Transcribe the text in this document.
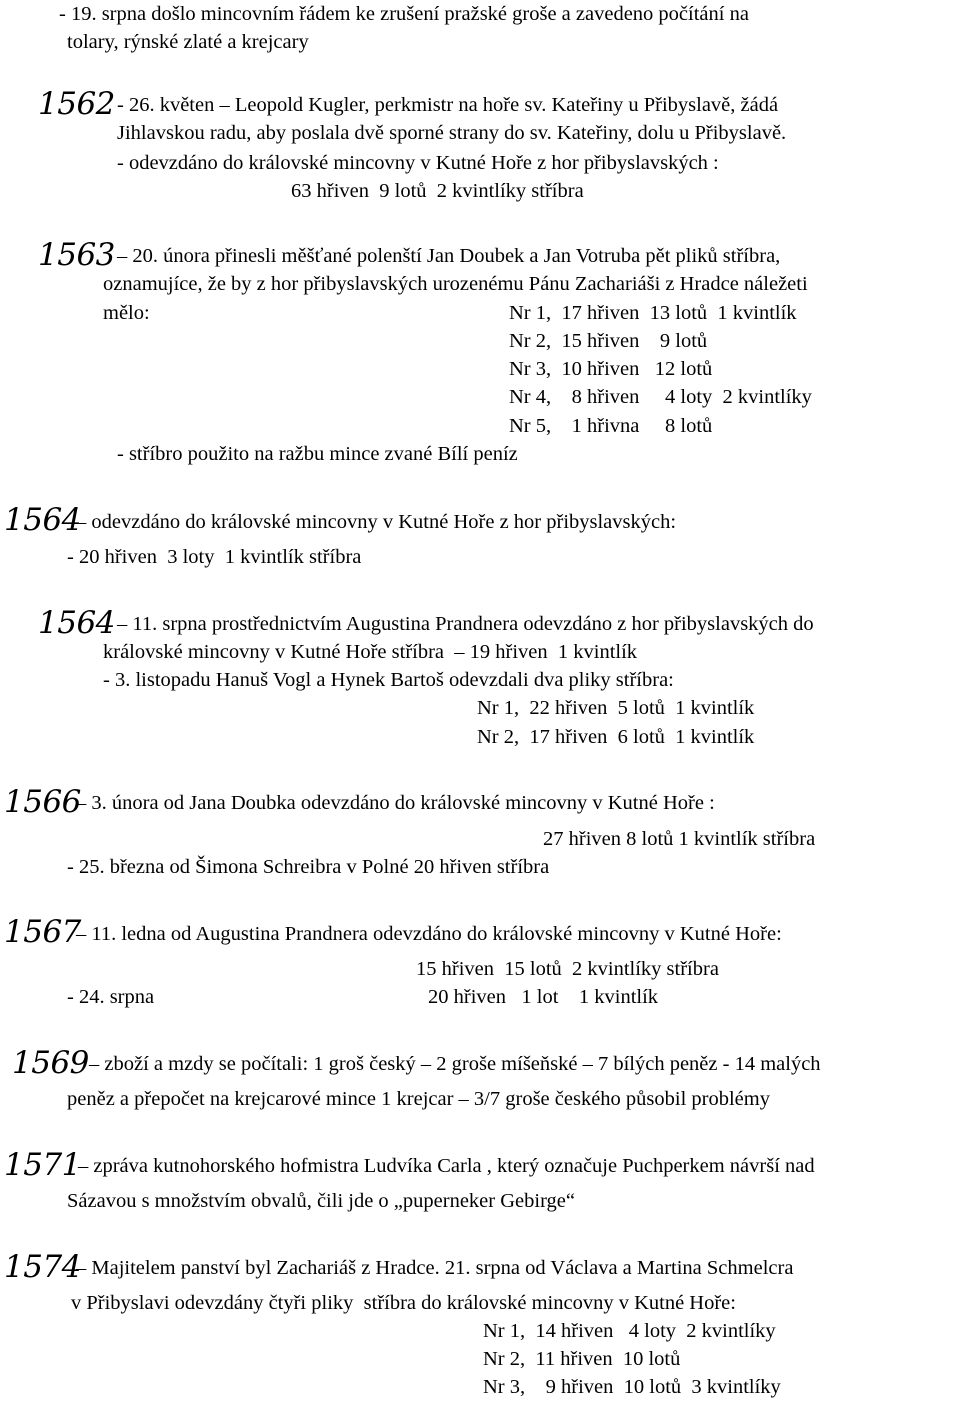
- 19. srpna došlo mincovním řádem ke zrušení pražské groše a zavedeno počítání na
tolary, rýnské zlaté a krejcary
1562 - 26. květen – Leopold Kugler, perkmistr na hoře sv. Kateřiny u Přibyslavě, žádá
Jihlavskou radu, aby poslala dvě sporné strany do sv. Kateřiny, dolu u Přibyslavě.
- odevzdáno do královské mincovny v Kutné Hoře z hor přibyslavských :
63 hřiven  9 lotů  2 kvintlíky stříbra
1563 – 20. února přinesli měšťané polenští Jan Doubek a Jan Votruba pět pliků stříbra,
oznamujíce, že by z hor přibyslavských urozenému Pánu Zachariáši z Hradce náležeti
mělo:	Nr 1,  17 hřiven  13 lotů  1 kvintlík
Nr 2,  15 hřiven    9 lotů
Nr 3,  10 hřiven   12 lotů
Nr 4,    8 hřiven     4 loty  2 kvintlíky
Nr 5,    1 hřivna     8 lotů
- stříbro použito na ražbu mince zvané Bílí peníz
1564
– odevzdáno do královské mincovny v Kutné Hoře z hor přibyslavských:
- 20 hřiven  3 loty  1 kvintlík stříbra
1564 – 11. srpna prostřednictvím Augustina Prandnera odevzdáno z hor přibyslavských do
královské mincovny v Kutné Hoře stříbra  – 19 hřiven  1 kvintlík
- 3. listopadu Hanuš Vogl a Hynek Bartoš odevzdali dva pliky stříbra:
Nr 1,  22 hřiven  5 lotů  1 kvintlík
Nr 2,  17 hřiven  6 lotů  1 kvintlík
1566
– 3. února od Jana Doubka odevzdáno do královské mincovny v Kutné Hoře :
27 hřiven 8 lotů 1 kvintlík stříbra
- 25. března od Šimona Schreibra v Polné 20 hřiven stříbra
1567
– 11. ledna od Augustina Prandnera odevzdáno do královské mincovny v Kutné Hoře:
15 hřiven  15 lotů  2 kvintlíky stříbra
- 24. srpna	20 hřiven   1 lot    1 kvintlík
1569 – zboží a mzdy se počítali: 1 groš český – 2 groše míšeňské – 7 bílých peněz - 14 malých
peněz a přepočet na krejcarové mince 1 krejcar – 3/7 groše českého působil problémy
1571
– zpráva kutnohorského hofmistra Ludvíka Carla , který označuje Puchperkem návrší nad
Sázavou s množstvím obvalů, čili jde o „puperneker Gebirge“
1574
– Majitelem panství byl Zachariáš z Hradce. 21. srpna od Václava a Martina Schmelcra
v Přibyslavi odevzdány čtyři pliky  stříbra do královské mincovny v Kutné Hoře:
Nr 1,  14 hřiven   4 loty  2 kvintlíky
Nr 2,  11 hřiven  10 lotů
Nr 3,    9 hřiven  10 lotů  3 kvintlíky
